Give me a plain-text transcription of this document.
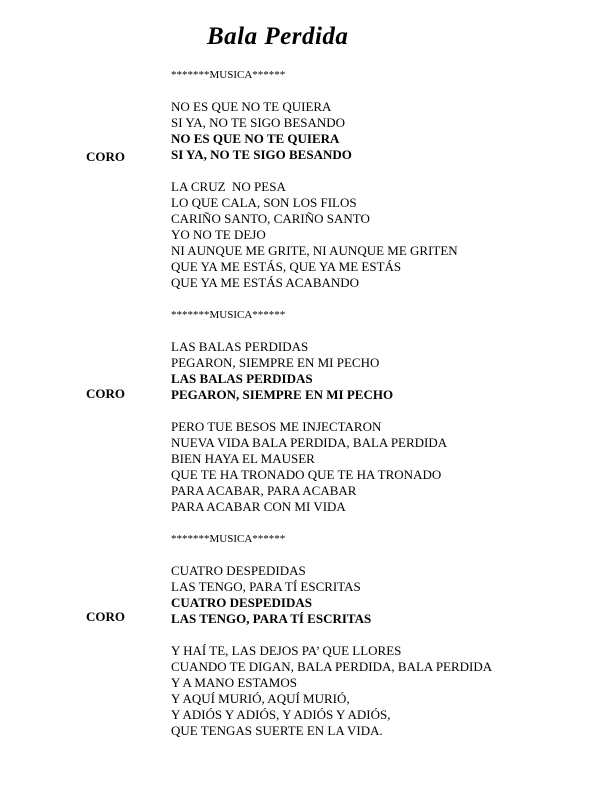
Bala Perdida
CORO
CORO
CORO
*******MUSICA******
NO ES QUE NO TE QUIERA
SI YA, NO TE SIGO BESANDO
NO ES QUE NO TE QUIERA
SI YA, NO TE SIGO BESANDO
LA CRUZ  NO PESA
LO QUE CALA, SON LOS FILOS
CARIÑO SANTO, CARIÑO SANTO
YO NO TE DEJO
NI AUNQUE ME GRITE, NI AUNQUE ME GRITEN
QUE YA ME ESTÁS, QUE YA ME ESTÁS
QUE YA ME ESTÁS ACABANDO
*******MUSICA******
LAS BALAS PERDIDAS
PEGARON, SIEMPRE EN MI PECHO
LAS BALAS PERDIDAS
PEGARON, SIEMPRE EN MI PECHO
PERO TUE BESOS ME INJECTARON
NUEVA VIDA BALA PERDIDA, BALA PERDIDA
BIEN HAYA EL MAUSER
QUE TE HA TRONADO QUE TE HA TRONADO
PARA ACABAR, PARA ACABAR
PARA ACABAR CON MI VIDA
*******MUSICA******
CUATRO DESPEDIDAS
LAS TENGO, PARA TÍ ESCRITAS
CUATRO DESPEDIDAS
LAS TENGO, PARA TÍ ESCRITAS
Y HAÍ TE, LAS DEJOS PA’ QUE LLORES
CUANDO TE DIGAN, BALA PERDIDA, BALA PERDIDA
Y A MANO ESTAMOS
Y AQUÍ MURIÓ, AQUÍ MURIÓ,
Y ADIÓS Y ADIÓS, Y ADIÓS Y ADIÓS,
QUE TENGAS SUERTE EN LA VIDA.
